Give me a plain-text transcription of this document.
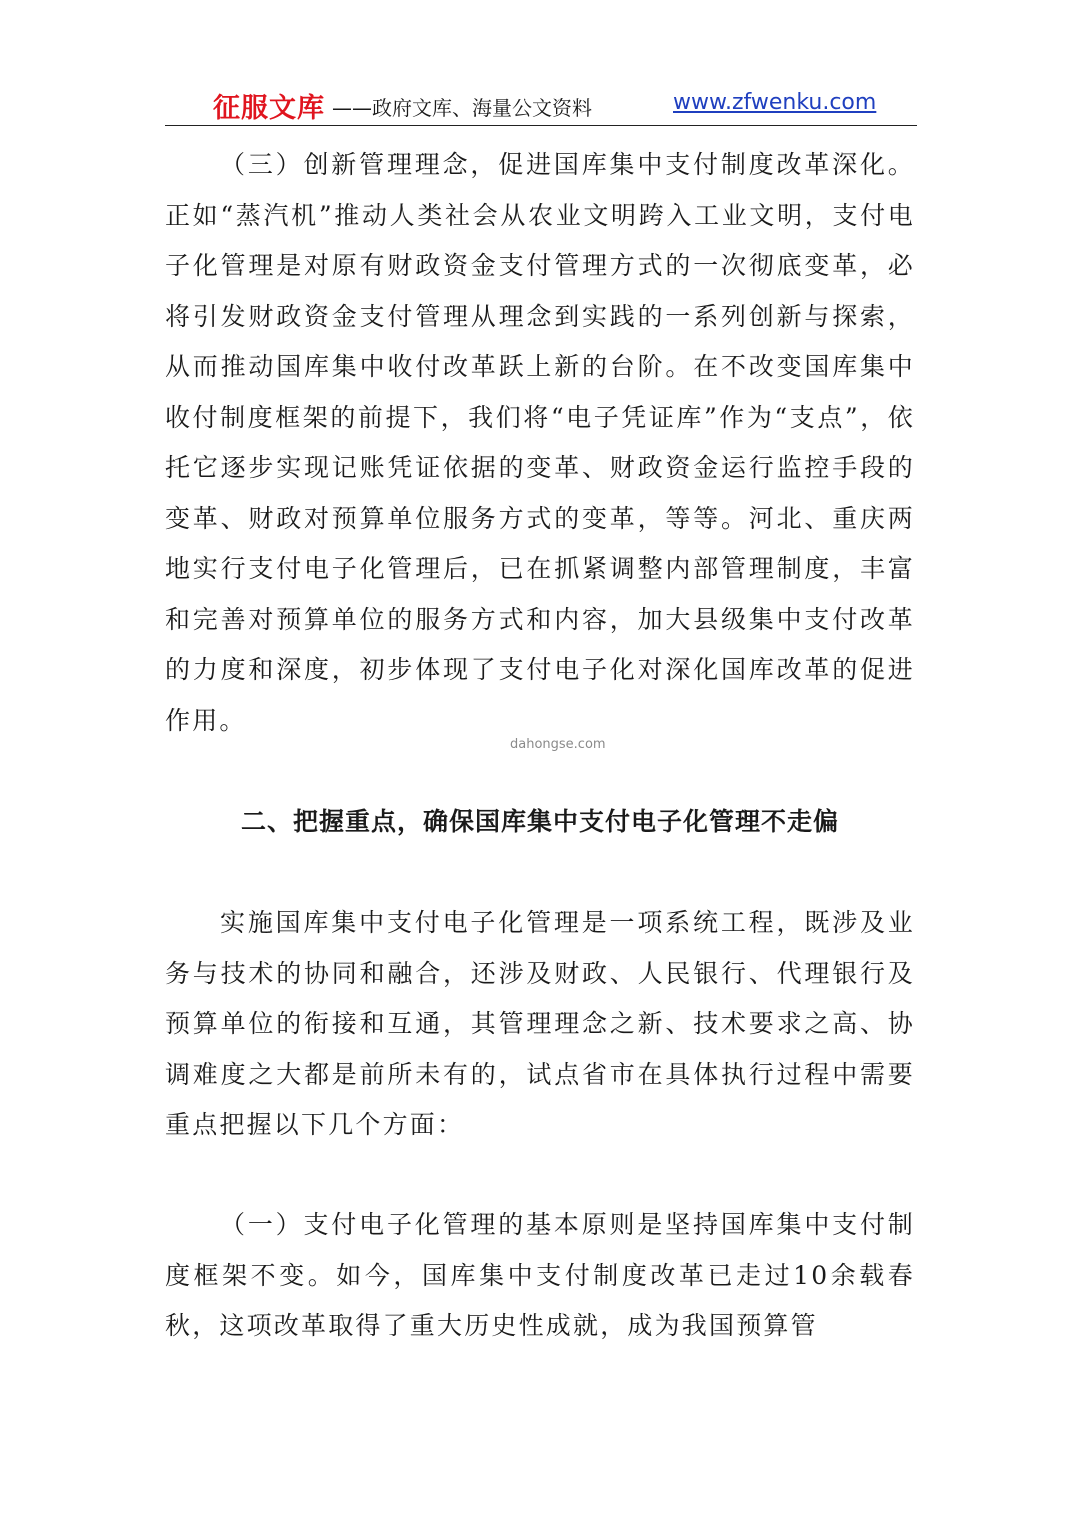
征服文库 ——政府文库、海量公文资料	www.zfwenku.com

（三）创新管理理念，促进国库集中支付制度改革深化。正如“蒸汽机”推动人类社会从农业文明跨入工业文明，支付电子化管理是对原有财政资金支付管理方式的一次彻底变革，必将引发财政资金支付管理从理念到实践的一系列创新与探索，从而推动国库集中收付改革跃上新的台阶。在不改变国库集中收付制度框架的前提下，我们将“电子凭证库”作为“支点”，依托它逐步实现记账凭证依据的变革、财政资金运行监控手段的变革、财政对预算单位服务方式的变革，等等。河北、重庆两地实行支付电子化管理后，已在抓紧调整内部管理制度，丰富和完善对预算单位的服务方式和内容，加大县级集中支付改革的力度和深度，初步体现了支付电子化对深化国库改革的促进作用。

dahongse.com
二、把握重点，确保国库集中支付电子化管理不走偏

实施国库集中支付电子化管理是一项系统工程，既涉及业务与技术的协同和融合，还涉及财政、人民银行、代理银行及预算单位的衔接和互通，其管理理念之新、技术要求之高、协调难度之大都是前所未有的，试点省市在具体执行过程中需要重点把握以下几个方面：

（一）支付电子化管理的基本原则是坚持国库集中支付制度框架不变。如今，国库集中支付制度改革已走过10余载春秋，这项改革取得了重大历史性成就，成为我国预算管
